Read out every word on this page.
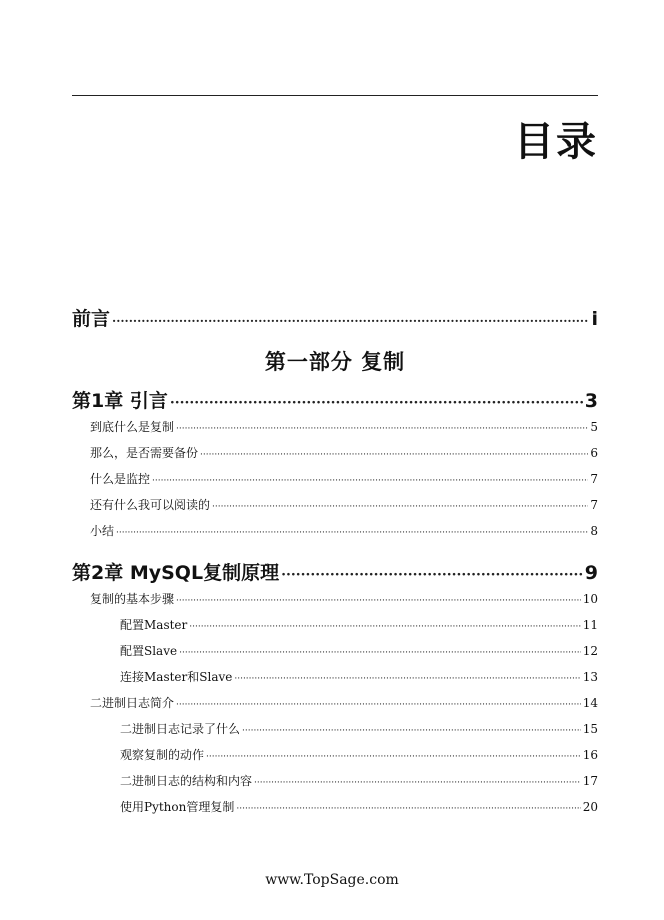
目录
前言 ·····	i
第一部分 复制
第1章 引言 ·····	3
到底什么是复制 ·····	5
那么，是否需要备份 ·····	6
什么是监控 ·····	7
还有什么我可以阅读的 ·····	7
小结 ·····	8
第2章 MySQL复制原理 ·····	9
复制的基本步骤 ·····	10
配置Master ·····	11
配置Slave ·····	12
连接Master和Slave ·····	13
二进制日志简介 ·····	14
二进制日志记录了什么 ·····	15
观察复制的动作 ·····	16
二进制日志的结构和内容 ·····	17
使用Python管理复制 ·····	20
www.TopSage.com
